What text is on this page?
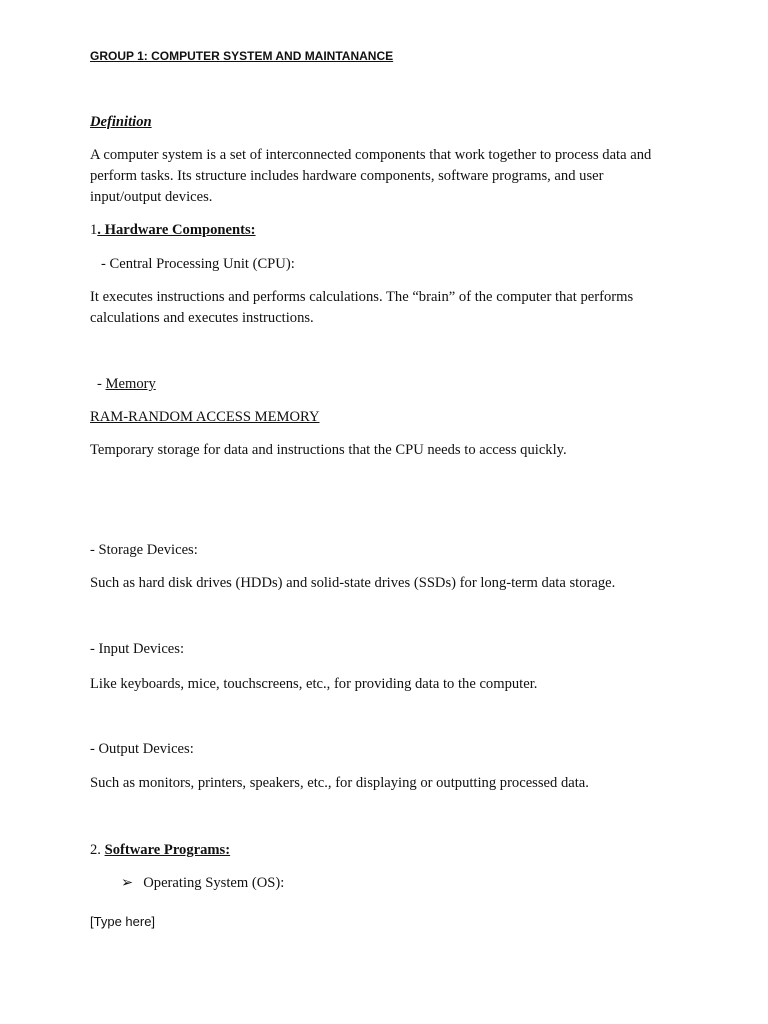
GROUP 1: COMPUTER SYSTEM AND MAINTANANCE
Definition
A computer system is a set of interconnected components that work together to process data and
perform tasks. Its structure includes hardware components, software programs, and user
input/output devices.
1. Hardware Components:
- Central Processing Unit (CPU):
It executes instructions and performs calculations. The “brain” of the computer that performs
calculations and executes instructions.
- Memory
RAM-RANDOM ACCESS MEMORY
Temporary storage for data and instructions that the CPU needs to access quickly.
- Storage Devices:
Such as hard disk drives (HDDs) and solid-state drives (SSDs) for long-term data storage.
- Input Devices:
Like keyboards, mice, touchscreens, etc., for providing data to the computer.
- Output Devices:
Such as monitors, printers, speakers, etc., for displaying or outputting processed data.
2. Software Programs:
➢ Operating System (OS):
[Type here]
